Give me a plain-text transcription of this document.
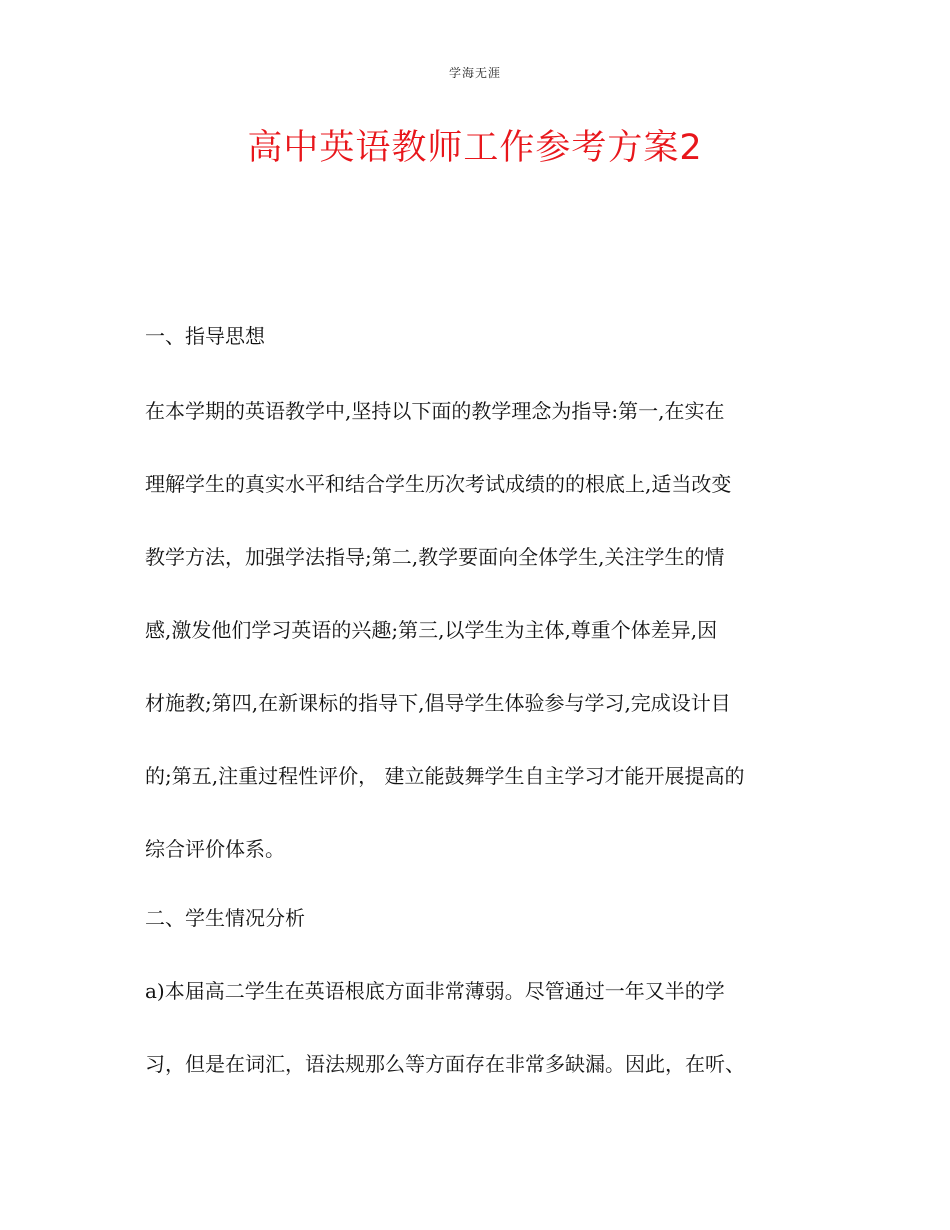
学海无涯
高中英语教师工作参考方案2
一、指导思想
在本学期的英语教学中,坚持以下面的教学理念为指导:第一,在实在
理解学生的真实水平和结合学生历次考试成绩的的根底上,适当改变
教学方法，加强学法指导;第二,教学要面向全体学生,关注学生的情
感,激发他们学习英语的兴趣;第三,以学生为主体,尊重个体差异,因
材施教;第四,在新课标的指导下,倡导学生体验参与学习,完成设计目
的;第五,注重过程性评价， 建立能鼓舞学生自主学习才能开展提高的
综合评价体系。
二、学生情况分析
a)本届高二学生在英语根底方面非常薄弱。尽管通过一年又半的学
习，但是在词汇，语法规那么等方面存在非常多缺漏。因此，在听、
